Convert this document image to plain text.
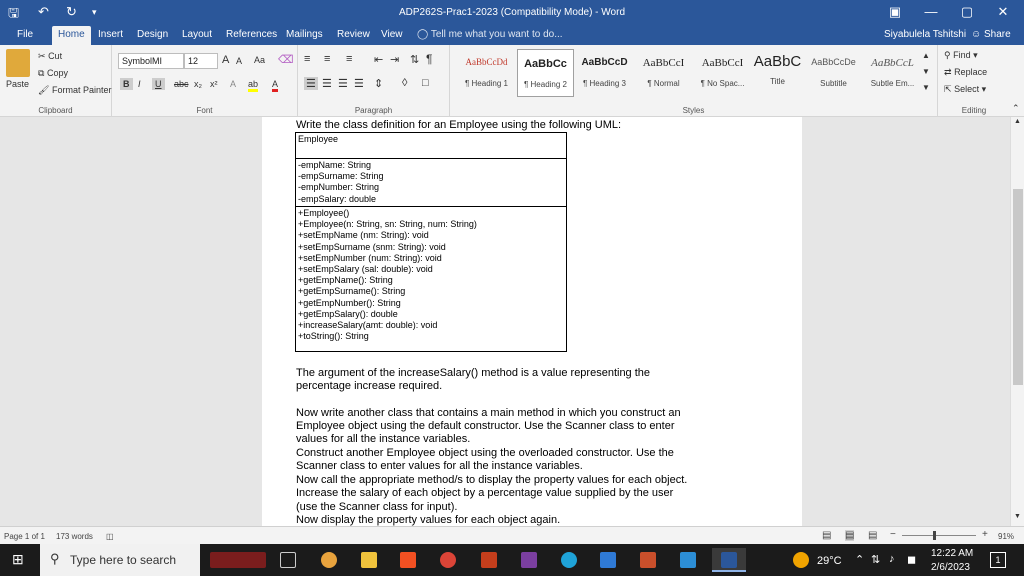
🖫 ↶ ↻ ▾	ADP262S-Prac1-2023 (Compatibility Mode) - Word	▣	—	▢	✕
File	Home	Insert	Design	Layout	References Mailings	Review	View	◯ Tell me what you want to do...	Siyabulela Tshitshi ☺ Share
Paste
✂ Cut
⧉ Copy
🖌 Format Painter
Clipboard
SymbolMI	12	A A Aa ⌫
B I	U	abc x₂ x² A ab A
Font
≡ ≡ ≡ ⇤ ⇥ ⇅ ¶
☰ ☰ ☰ ☰ ⇕ ◊ □
Paragraph
AaBbCcDd
¶ Heading 1
AaBbCc
¶ Heading 2
AaBbCcD
¶ Heading 3
AaBbCcI
¶ Normal
AaBbCcI
¶ No Spac...
AaBbC
Title
AaBbCcDe
Subtitle
AaBbCcL
Subtle Em...
▲
▼
▼
Styles
⚲ Find ▾
⇄ Replace
⇱ Select ▾
Editing	⌃
Write the class definition for an Employee using the following UML:
Employee
-empName: String
-empSurname: String
-empNumber: String
-empSalary: double
+Employee()
+Employee(n: String, sn: String, num: String)
+setEmpName (nm: String): void
+setEmpSurname (snm: String): void
+setEmpNumber (num: String): void
+setEmpSalary (sal: double): void
+getEmpName(): String
+getEmpSurname(): String
+getEmpNumber(): String
+getEmpSalary(): double
+increaseSalary(amt: double): void
+toString(): String
The argument of the increaseSalary() method is a value representing the
percentage increase required.
Now write another class that contains a main method in which you construct an
Employee object using the default constructor. Use the Scanner class to enter
values for all the instance variables.
Construct another Employee object using the overloaded constructor. Use the
Scanner class to enter values for all the instance variables.
Now call the appropriate method/s to display the property values for each object.
Increase the salary of each object by a percentage value supplied by the user
(use the Scanner class for input).
Now display the property values for each object again.
▲
▼
Page 1 of 1 173 words ◫	▤ ▤ ▤ −	+ 91%
⊞ ⚲ Type here to search	29°C ⌃ ⇅ ♪ ◼
12:22 AM
2/6/2023
1
